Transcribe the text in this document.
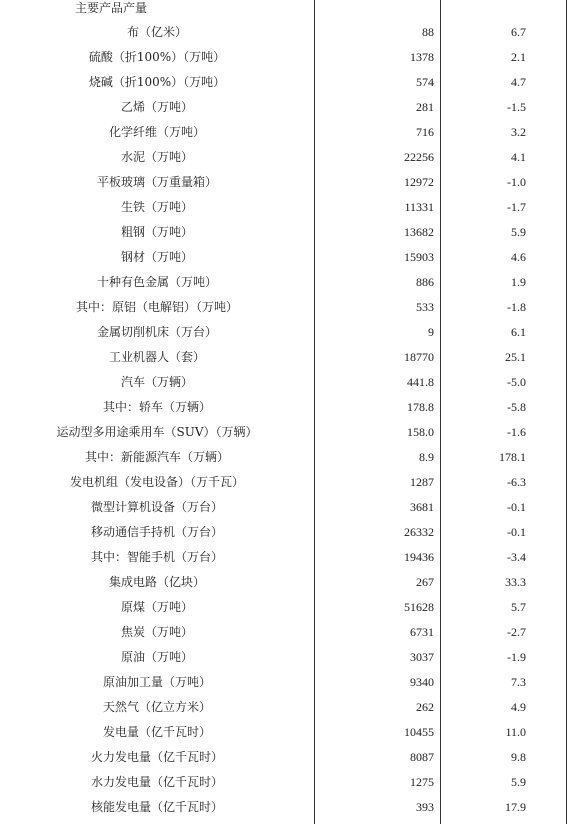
主要产品产量
布（亿米）	88	6.7
硫酸（折100%）（万吨）	1378	2.1
烧碱（折100%）（万吨）	574	4.7
乙烯（万吨）	281	-1.5
化学纤维（万吨）	716	3.2
水泥（万吨）	22256	4.1
平板玻璃（万重量箱）	12972	-1.0
生铁（万吨）	11331	-1.7
粗钢（万吨）	13682	5.9
钢材（万吨）	15903	4.6
十种有色金属（万吨）	886	1.9
其中：原铝（电解铝）（万吨）	533	-1.8
金属切削机床（万台）	9	6.1
工业机器人（套）	18770	25.1
汽车（万辆）	441.8	-5.0
其中：轿车（万辆）	178.8	-5.8
运动型多用途乘用车（SUV）（万辆）	158.0	-1.6
其中：新能源汽车（万辆）	8.9	178.1
发电机组（发电设备）（万千瓦）	1287	-6.3
微型计算机设备（万台）	3681	-0.1
移动通信手持机（万台）	26332	-0.1
其中：智能手机（万台）	19436	-3.4
集成电路（亿块）	267	33.3
原煤（万吨）	51628	5.7
焦炭（万吨）	6731	-2.7
原油（万吨）	3037	-1.9
原油加工量（万吨）	9340	7.3
天然气（亿立方米）	262	4.9
发电量（亿千瓦时）	10455	11.0
火力发电量（亿千瓦时）	8087	9.8
水力发电量（亿千瓦时）	1275	5.9
核能发电量（亿千瓦时）	393	17.9
